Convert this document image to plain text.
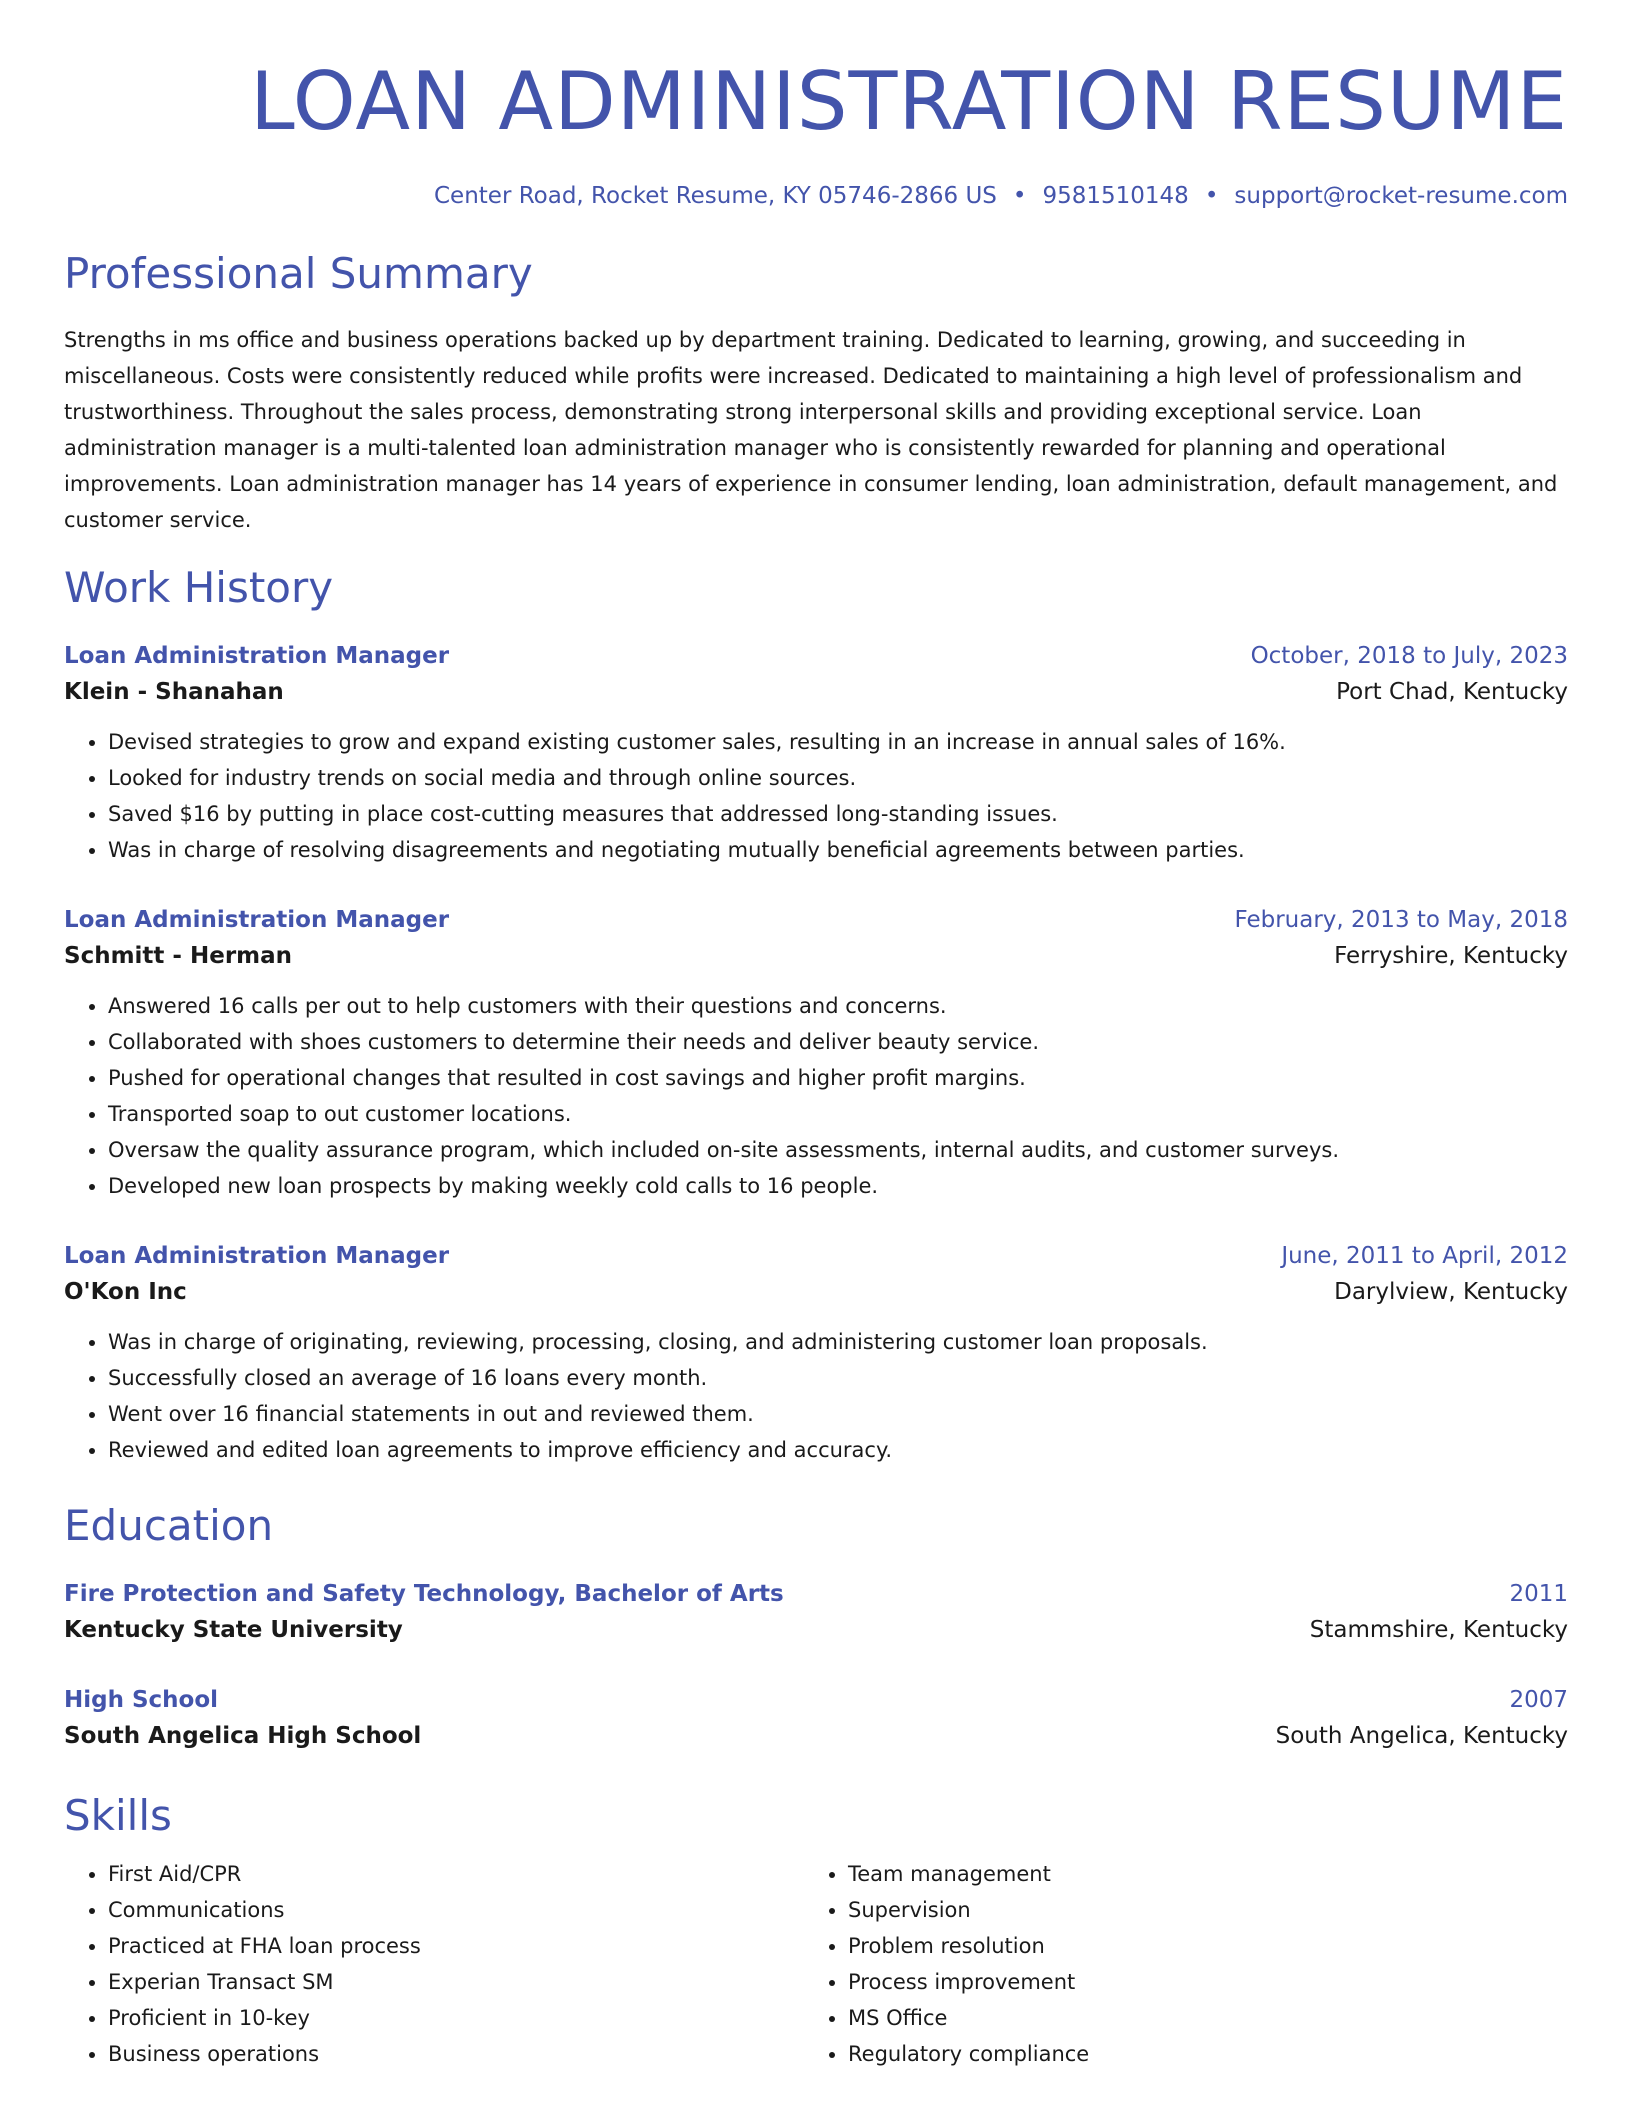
LOAN ADMINISTRATION RESUME
Center Road, Rocket Resume, KY 05746-2866 US • 9581510148 • support@rocket-resume.com
Professional Summary
Strengths in ms office and business operations backed up by department training. Dedicated to learning, growing, and succeeding in miscellaneous. Costs were consistently reduced while profits were increased. Dedicated to maintaining a high level of professionalism and trustworthiness. Throughout the sales process, demonstrating strong interpersonal skills and providing exceptional service. Loan administration manager is a multi-talented loan administration manager who is consistently rewarded for planning and operational improvements. Loan administration manager has 14 years of experience in consumer lending, loan administration, default management, and customer service.
Work History
Loan Administration Manager	October, 2018 to July, 2023
Klein - Shanahan	Port Chad, Kentucky
• Devised strategies to grow and expand existing customer sales, resulting in an increase in annual sales of 16%.
• Looked for industry trends on social media and through online sources.
• Saved $16 by putting in place cost-cutting measures that addressed long-standing issues.
• Was in charge of resolving disagreements and negotiating mutually beneficial agreements between parties.
Loan Administration Manager	February, 2013 to May, 2018
Schmitt - Herman	Ferryshire, Kentucky
• Answered 16 calls per out to help customers with their questions and concerns.
• Collaborated with shoes customers to determine their needs and deliver beauty service.
• Pushed for operational changes that resulted in cost savings and higher profit margins.
• Transported soap to out customer locations.
• Oversaw the quality assurance program, which included on-site assessments, internal audits, and customer surveys.
• Developed new loan prospects by making weekly cold calls to 16 people.
Loan Administration Manager	June, 2011 to April, 2012
O'Kon Inc	Darylview, Kentucky
• Was in charge of originating, reviewing, processing, closing, and administering customer loan proposals.
• Successfully closed an average of 16 loans every month.
• Went over 16 financial statements in out and reviewed them.
• Reviewed and edited loan agreements to improve efficiency and accuracy.
Education
Fire Protection and Safety Technology, Bachelor of Arts	2011
Kentucky State University	Stammshire, Kentucky
High School	2007
South Angelica High School	South Angelica, Kentucky
Skills
• First Aid/CPR
• Communications
• Practiced at FHA loan process
• Experian Transact SM
• Proficient in 10-key
• Business operations
• Team management
• Supervision
• Problem resolution
• Process improvement
• MS Office
• Regulatory compliance
